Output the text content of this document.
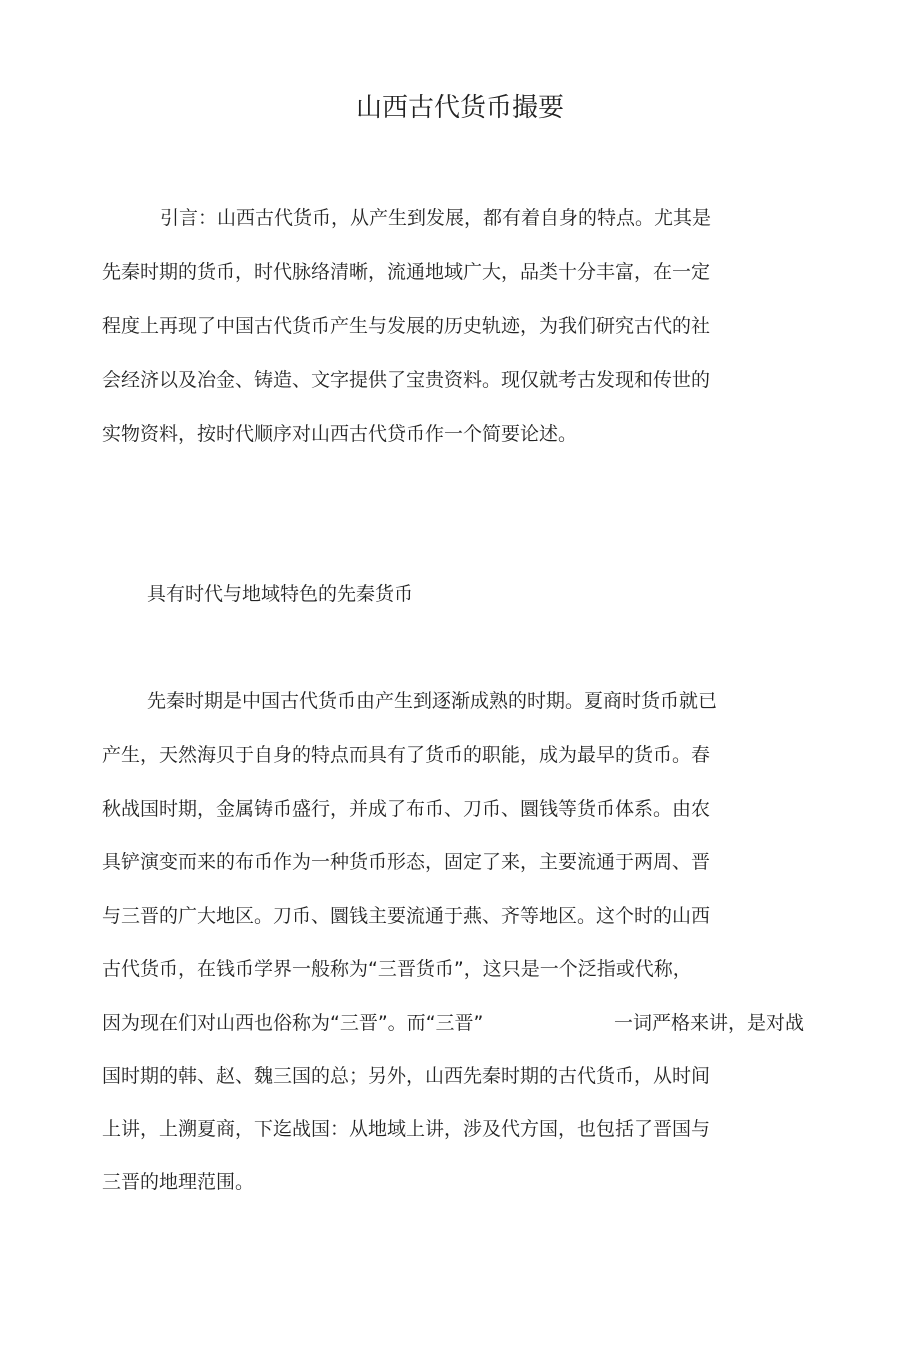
山西古代货币撮要
引言：山西古代货币，从产生到发展，都有着自身的特点。尤其是
先秦时期的货币，时代脉络清晰，流通地域广大，品类十分丰富，在一定
程度上再现了中国古代货币产生与发展的历史轨迹，为我们研究古代的社
会经济以及冶金、铸造、文字提供了宝贵资料。现仅就考古发现和传世的
实物资料，按时代顺序对山西古代贷币作一个简要论述。
具有时代与地域特色的先秦货币
先秦时期是中国古代货币由产生到逐渐成熟的时期。夏商时货币就已
产生，天然海贝于自身的特点而具有了货币的职能，成为最早的货币。春
秋战国时期，金属铸币盛行，并成了布币、刀币、圜钱等货币体系。由农
具铲演变而来的布币作为一种货币形态，固定了来，主要流通于两周、晋
与三晋的广大地区。刀币、圜钱主要流通于燕、齐等地区。这个时的山西
古代货币，在钱币学界一般称为“三晋货币”，这只是一个泛指或代称，
因为现在们对山西也俗称为“三晋”。而“三晋”	一词严格来讲，是对战
国时期的韩、赵、魏三国的总；另外，山西先秦时期的古代货币，从时间
上讲，上溯夏商，下迄战国：从地域上讲，涉及代方国，也包括了晋国与
三晋的地理范围。
